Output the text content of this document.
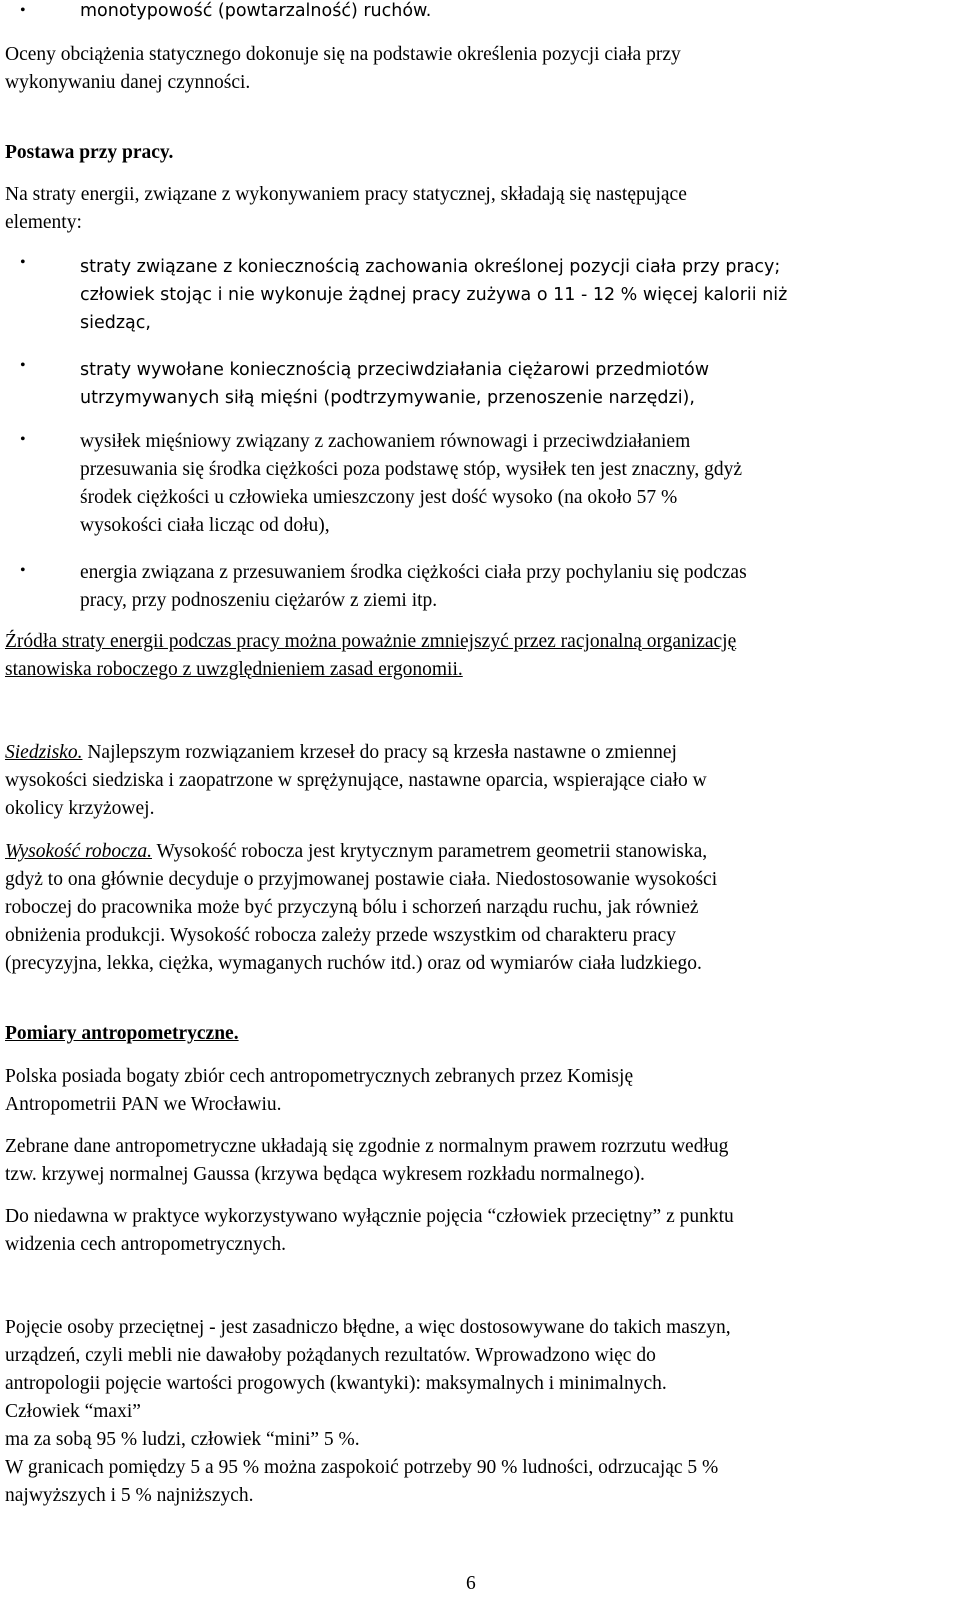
•	monotypowość (powtarzalność) ruchów.
Oceny obciążenia statycznego dokonuje się na podstawie określenia pozycji ciała przy
wykonywaniu danej czynności.
Postawa przy pracy.
Na straty energii, związane z wykonywaniem pracy statycznej, składają się następujące
elementy:
•	straty związane z koniecznością zachowania określonej pozycji ciała przy pracy;
człowiek stojąc i nie wykonuje żądnej pracy zużywa o 11 - 12 % więcej kalorii niż
siedząc,
•	straty wywołane koniecznością przeciwdziałania ciężarowi przedmiotów
utrzymywanych siłą mięśni (podtrzymywanie, przenoszenie narzędzi),
•	wysiłek mięśniowy związany z zachowaniem równowagi i przeciwdziałaniem
przesuwania się środka ciężkości poza podstawę stóp, wysiłek ten jest znaczny, gdyż
środek ciężkości u człowieka umieszczony jest dość wysoko (na około 57 %
wysokości ciała licząc od dołu),
•	energia związana z przesuwaniem środka ciężkości ciała przy pochylaniu się podczas
pracy, przy podnoszeniu ciężarów z ziemi itp.
Źródła straty energii podczas pracy można poważnie zmniejszyć przez racjonalną organizację
stanowiska roboczego z uwzględnieniem zasad ergonomii.
Siedzisko. Najlepszym rozwiązaniem krzeseł do pracy są krzesła nastawne o zmiennej
wysokości siedziska i zaopatrzone w sprężynujące, nastawne oparcia, wspierające ciało w
okolicy krzyżowej.
Wysokość robocza. Wysokość robocza jest krytycznym parametrem geometrii stanowiska,
gdyż to ona głównie decyduje o przyjmowanej postawie ciała. Niedostosowanie wysokości
roboczej do pracownika może być przyczyną bólu i schorzeń narządu ruchu, jak również
obniżenia produkcji. Wysokość robocza zależy przede wszystkim od charakteru pracy
(precyzyjna, lekka, ciężka, wymaganych ruchów itd.) oraz od wymiarów ciała ludzkiego.
Pomiary antropometryczne.
Polska posiada bogaty zbiór cech antropometrycznych zebranych przez Komisję
Antropometrii PAN we Wrocławiu.
Zebrane dane antropometryczne układają się zgodnie z normalnym prawem rozrzutu według
tzw. krzywej normalnej Gaussa (krzywa będąca wykresem rozkładu normalnego).
Do niedawna w praktyce wykorzystywano wyłącznie pojęcia “człowiek przeciętny” z punktu
widzenia cech antropometrycznych.
Pojęcie osoby przeciętnej - jest zasadniczo błędne, a więc dostosowywane do takich maszyn,
urządzeń, czyli mebli nie dawałoby pożądanych rezultatów. Wprowadzono więc do
antropologii pojęcie wartości progowych (kwantyki): maksymalnych i minimalnych.
Człowiek “maxi”
ma za sobą 95 % ludzi, człowiek “mini” 5 %.
W granicach pomiędzy 5 a 95 % można zaspokoić potrzeby 90 % ludności, odrzucając 5 %
najwyższych i 5 % najniższych.
6
